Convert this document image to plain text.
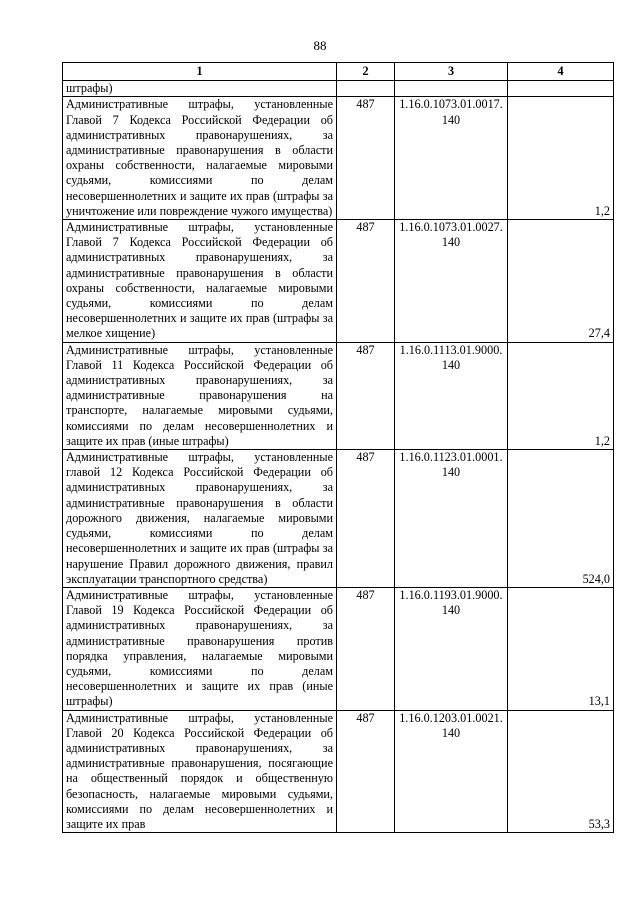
88
1	2	3	4
штрафы)			
Административные штрафы, установленные Главой 7 Кодекса Российской Федерации об административных правонарушениях, за административные правонарушения в области охраны собственности, налагаемые мировыми судьями, комиссиями по делам несовершеннолетних и защите их прав (штрафы за уничтожение или повреждение чужого имущества)	487	1.16.0.1073.01.0017. 140	1,2
Административные штрафы, установленные Главой 7 Кодекса Российской Федерации об административных правонарушениях, за административные правонарушения в области охраны собственности, налагаемые мировыми судьями, комиссиями по делам несовершеннолетних и защите их прав (штрафы за мелкое хищение)	487	1.16.0.1073.01.0027. 140	27,4
Административные штрафы, установленные Главой 11 Кодекса Российской Федерации об административных правонарушениях, за административные правонарушения на транспорте, налагаемые мировыми судьями, комиссиями по делам несовершеннолетних и защите их прав (иные штрафы)	487	1.16.0.1113.01.9000. 140	1,2
Административные штрафы, установленные главой 12 Кодекса Российской Федерации об административных правонарушениях, за административные правонарушения в области дорожного движения, налагаемые мировыми судьями, комиссиями по делам несовершеннолетних и защите их прав (штрафы за нарушение Правил дорожного движения, правил эксплуатации транспортного средства)	487	1.16.0.1123.01.0001. 140	524,0
Административные штрафы, установленные Главой 19 Кодекса Российской Федерации об административных правонарушениях, за административные правонарушения против порядка управления, налагаемые мировыми судьями, комиссиями по делам несовершеннолетних и защите их прав (иные штрафы)	487	1.16.0.1193.01.9000. 140	13,1
Административные штрафы, установленные Главой 20 Кодекса Российской Федерации об административных правонарушениях, за административные правонарушения, посягающие на общественный порядок и общественную безопасность, налагаемые мировыми судьями, комиссиями по делам несовершеннолетних и защите их прав	487	1.16.0.1203.01.0021. 140	53,3
